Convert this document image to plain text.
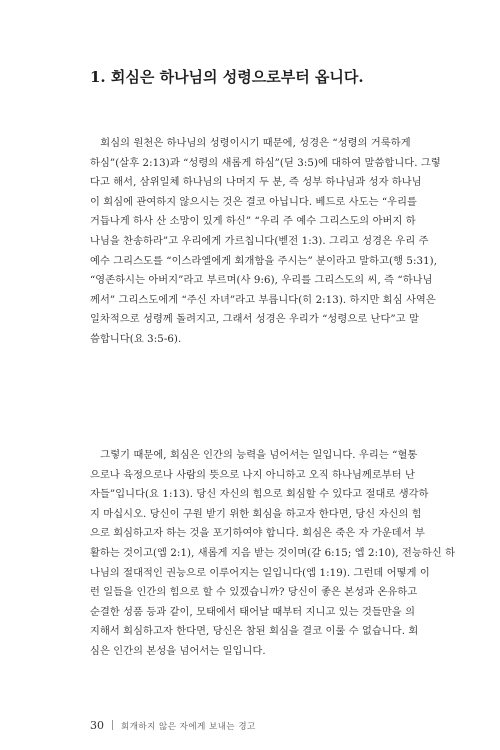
1. 회심은 하나님의 성령으로부터 옵니다.

 회심의 원천은 하나님의 성령이시기 때문에, 성경은 “성령의 거룩하게
하심”(살후 2:13)과 “성령의 새롭게 하심”(딛 3:5)에 대하여 말씀합니다. 그렇
다고 해서, 삼위일체 하나님의 나머지 두 분, 즉 성부 하나님과 성자 하나님
이 회심에 관여하지 않으시는 것은 결코 아닙니다. 베드로 사도는 “우리를
거듭나게 하사 산 소망이 있게 하신” “우리 주 예수 그리스도의 아버지 하
나님을 찬송하라”고 우리에게 가르칩니다(벧전 1:3). 그리고 성경은 우리 주
예수 그리스도를 “이스라엘에게 회개함을 주시는” 분이라고 말하고(행 5:31),
“영존하시는 아버지”라고 부르며(사 9:6), 우리를 그리스도의 씨, 즉 “하나님
께서” 그리스도에게 “주신 자녀”라고 부릅니다(히 2:13). 하지만 회심 사역은
일차적으로 성령께 돌려지고, 그래서 성경은 우리가 “성령으로 난다”고 말
씀합니다(요 3:5-6).

 그렇기 때문에, 회심은 인간의 능력을 넘어서는 일입니다. 우리는 “혈통
으로나 육정으로나 사람의 뜻으로 나지 아니하고 오직 하나님께로부터 난
자들”입니다(요 1:13). 당신 자신의 힘으로 회심할 수 있다고 절대로 생각하
지 마십시오. 당신이 구원 받기 위한 회심을 하고자 한다면, 당신 자신의 힘
으로 회심하고자 하는 것을 포기하여야 합니다. 회심은 죽은 자 가운데서 부
활하는 것이고(엡 2:1), 새롭게 지음 받는 것이며(갈 6:15; 엡 2:10), 전능하신 하
나님의 절대적인 권능으로 이루어지는 일입니다(엡 1:19). 그런데 어떻게 이
런 일들을 인간의 힘으로 할 수 있겠습니까? 당신이 좋은 본성과 온유하고
순결한 성품 등과 같이, 모태에서 태어날 때부터 지니고 있는 것들만을 의
지해서 회심하고자 한다면, 당신은 참된 회심을 결코 이룰 수 없습니다. 회
심은 인간의 본성을 넘어서는 일입니다.

30 회개하지 않은 자에게 보내는 경고
